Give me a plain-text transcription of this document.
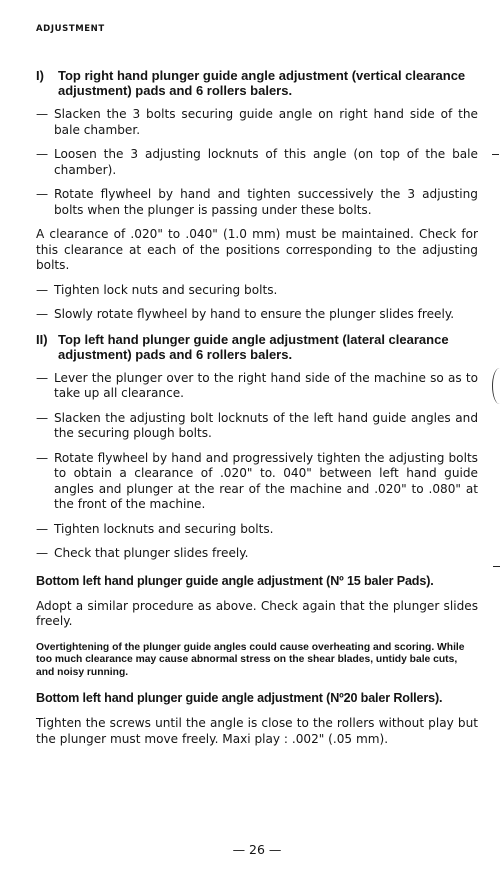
ADJUSTMENT
I) Top right hand plunger guide angle adjustment (vertical clearance adjustment) pads and 6 rollers balers.
— Slacken the 3 bolts securing guide angle on right hand side of the bale chamber.
— Loosen the 3 adjusting locknuts of this angle (on top of the bale chamber).
— Rotate flywheel by hand and tighten successively the 3 adjusting bolts when the plunger is passing under these bolts.
A clearance of .020" to .040" (1.0 mm) must be maintained. Check for this clearance at each of the positions corresponding to the adjusting bolts.
— Tighten lock nuts and securing bolts.
— Slowly rotate flywheel by hand to ensure the plunger slides freely.
II) Top left hand plunger guide angle adjustment (lateral clearance adjustment) pads and 6 rollers balers.
— Lever the plunger over to the right hand side of the machine so as to take up all clearance.
— Slacken the adjusting bolt locknuts of the left hand guide angles and the securing plough bolts.
— Rotate flywheel by hand and progressively tighten the adjusting bolts to obtain a clearance of .020" to. 040" between left hand guide angles and plunger at the rear of the machine and .020" to .080" at the front of the machine.
— Tighten locknuts and securing bolts.
— Check that plunger slides freely.
Bottom left hand plunger guide angle adjustment (Nº 15 baler Pads).
Adopt a similar procedure as above. Check again that the plunger slides freely.
Overtightening of the plunger guide angles could cause overheating and scoring. While too much clearance may cause abnormal stress on the shear blades, untidy bale cuts, and noisy running.
Bottom left hand plunger guide angle adjustment (Nº20 baler Rollers).
Tighten the screws until the angle is close to the rollers without play but the plunger must move freely. Maxi play : .002" (.05 mm).
— 26 —
